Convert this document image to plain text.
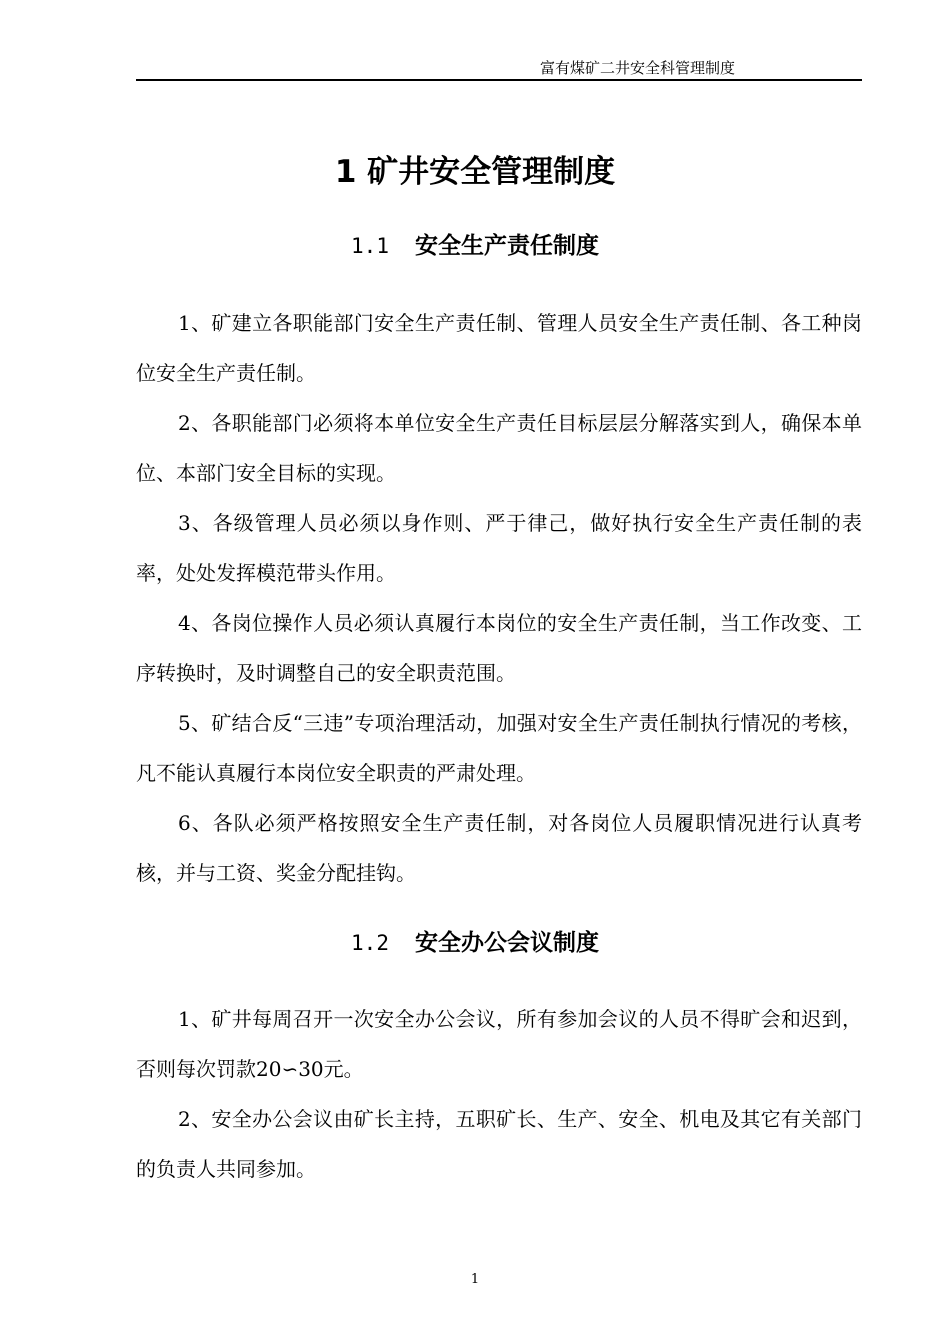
富有煤矿二井安全科管理制度
1 矿井安全管理制度
1.1 安全生产责任制度

1、矿建立各职能部门安全生产责任制、管理人员安全生产责任制、各工种岗位安全生产责任制。

2、各职能部门必须将本单位安全生产责任目标层层分解落实到人，确保本单位、本部门安全目标的实现。

3、各级管理人员必须以身作则、严于律己，做好执行安全生产责任制的表率，处处发挥模范带头作用。

4、各岗位操作人员必须认真履行本岗位的安全生产责任制，当工作改变、工序转换时，及时调整自己的安全职责范围。

5、矿结合反“三违”专项治理活动，加强对安全生产责任制执行情况的考核，凡不能认真履行本岗位安全职责的严肃处理。

6、各队必须严格按照安全生产责任制，对各岗位人员履职情况进行认真考核，并与工资、奖金分配挂钩。

1.2 安全办公会议制度

1、矿井每周召开一次安全办公会议，所有参加会议的人员不得旷会和迟到，否则每次罚款20∽30元。

2、安全办公会议由矿长主持，五职矿长、生产、安全、机电及其它有关部门的负责人共同参加。

1
